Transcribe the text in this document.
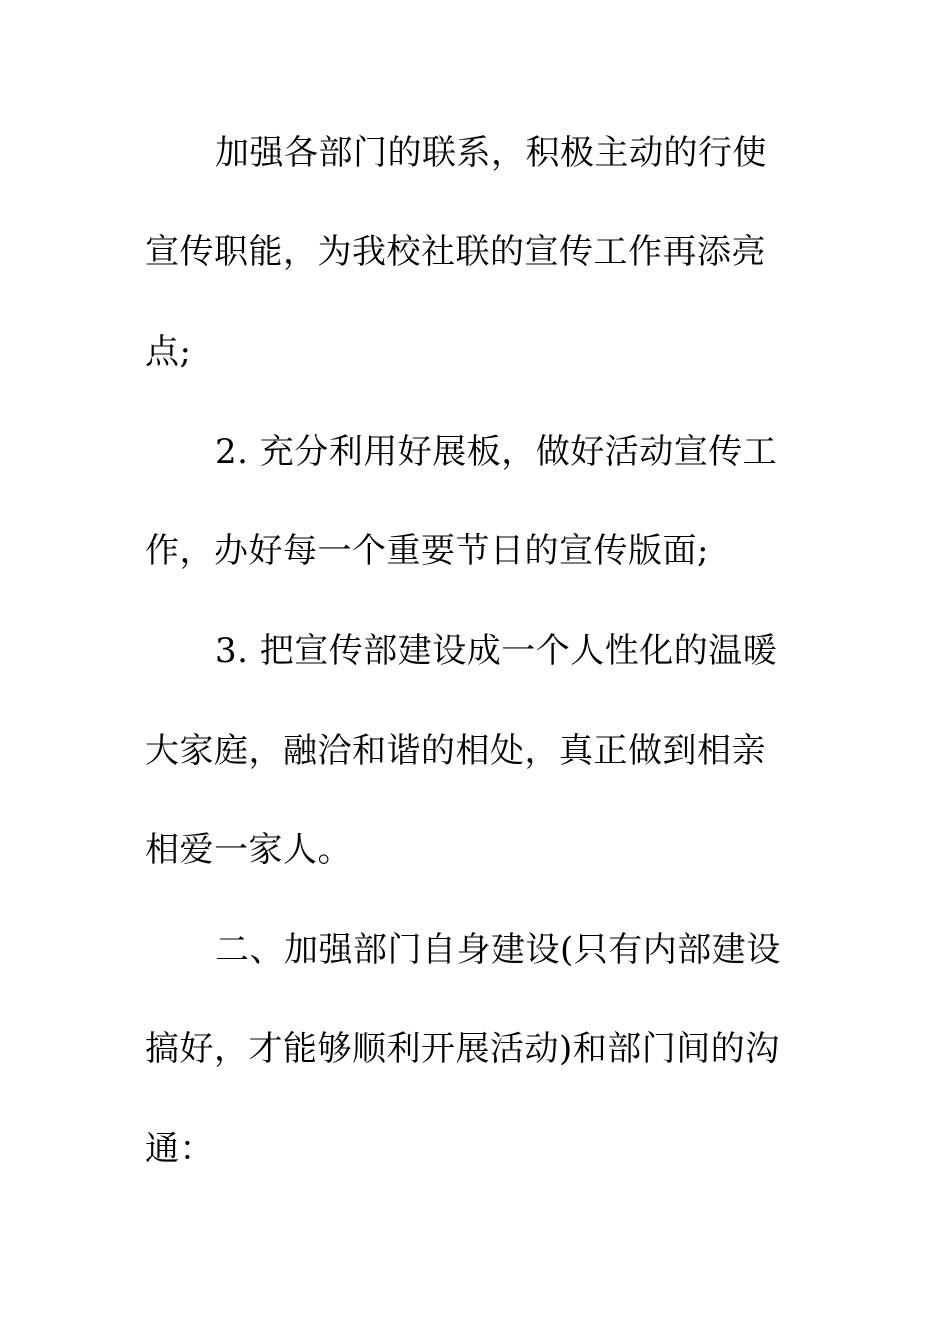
加强各部门的联系，积极主动的行使
宣传职能，为我校社联的宣传工作再添亮
点;
2. 充分利用好展板，做好活动宣传工
作，办好每一个重要节日的宣传版面;
3. 把宣传部建设成一个人性化的温暖
大家庭，融洽和谐的相处，真正做到相亲
相爱一家人。
二、加强部门自身建设(只有内部建设
搞好，才能够顺利开展活动)和部门间的沟
通：
